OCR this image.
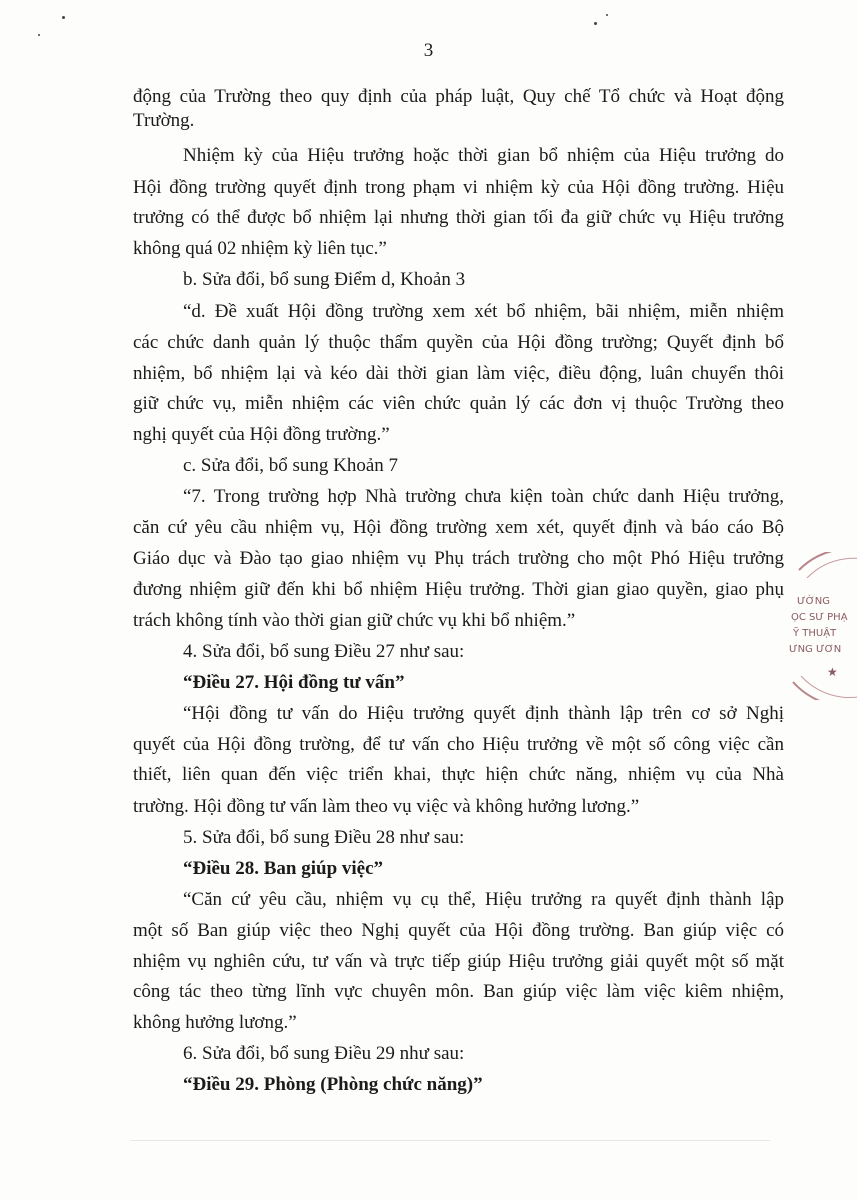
3
động của Trường theo quy định của pháp luật, Quy chế Tổ chức và Hoạt động
Trường.
Nhiệm kỳ của Hiệu trưởng hoặc thời gian bổ nhiệm của Hiệu trưởng do
Hội đồng trường quyết định trong phạm vi nhiệm kỳ của Hội đồng trường. Hiệu
trưởng có thể được bổ nhiệm lại nhưng thời gian tối đa giữ chức vụ Hiệu trưởng
không quá 02 nhiệm kỳ liên tục.”
b. Sửa đổi, bổ sung Điểm d, Khoản 3
“d. Đề xuất Hội đồng trường xem xét bổ nhiệm, bãi nhiệm, miễn nhiệm
các chức danh quản lý thuộc thẩm quyền của Hội đồng trường; Quyết định bổ
nhiệm, bổ nhiệm lại và kéo dài thời gian làm việc, điều động, luân chuyển thôi
giữ chức vụ, miễn nhiệm các viên chức quản lý các đơn vị thuộc Trường theo
nghị quyết của Hội đồng trường.”
c. Sửa đổi, bổ sung Khoản 7
“7. Trong trường hợp Nhà trường chưa kiện toàn chức danh Hiệu trưởng,
căn cứ yêu cầu nhiệm vụ, Hội đồng trường xem xét, quyết định và báo cáo Bộ
Giáo dục và Đào tạo giao nhiệm vụ Phụ trách trường cho một Phó Hiệu trưởng
đương nhiệm giữ đến khi bổ nhiệm Hiệu trưởng. Thời gian giao quyền, giao phụ
trách không tính vào thời gian giữ chức vụ khi bổ nhiệm.”
4. Sửa đổi, bổ sung Điều 27 như sau:
“Điều 27. Hội đồng tư vấn”
“Hội đồng tư vấn do Hiệu trưởng quyết định thành lập trên cơ sở Nghị
quyết của Hội đồng trường, để tư vấn cho Hiệu trưởng về một số công việc cần
thiết, liên quan đến việc triển khai, thực hiện chức năng, nhiệm vụ của Nhà
trường. Hội đồng tư vấn làm theo vụ việc và không hưởng lương.”
5. Sửa đổi, bổ sung Điều 28 như sau:
“Điều 28. Ban giúp việc”
“Căn cứ yêu cầu, nhiệm vụ cụ thể, Hiệu trưởng ra quyết định thành lập
một số Ban giúp việc theo Nghị quyết của Hội đồng trường. Ban giúp việc có
nhiệm vụ nghiên cứu, tư vấn và trực tiếp giúp Hiệu trưởng giải quyết một số mặt
công tác theo từng lĩnh vực chuyên môn. Ban giúp việc làm việc kiêm nhiệm,
không hưởng lương.”
6. Sửa đổi, bổ sung Điều 29 như sau:
“Điều 29. Phòng (Phòng chức năng)”
ƯỜNG
ỌC SƯ PHẠ
Ỹ THUẬT
ƯNG ƯƠN
★
